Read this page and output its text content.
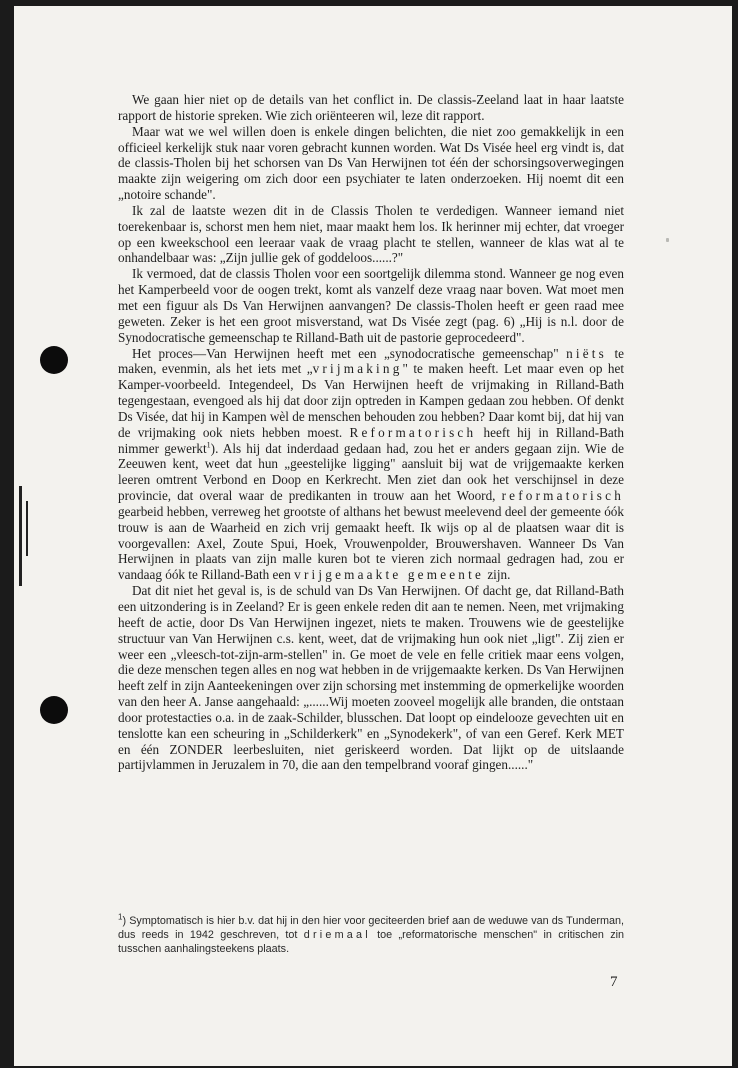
We gaan hier niet op de details van het conflict in. De classis-Zeeland laat in haar laatste rapport de historie spreken. Wie zich oriënteeren wil, leze dit rapport.

Maar wat we wel willen doen is enkele dingen belichten, die niet zoo gemakkelijk in een officieel kerkelijk stuk naar voren gebracht kunnen worden. Wat Ds Visée heel erg vindt is, dat de classis-Tholen bij het schorsen van Ds Van Herwijnen tot één der schorsingsoverwegingen maakte zijn weigering om zich door een psychiater te laten onderzoeken. Hij noemt dit een „notoire schande".

Ik zal de laatste wezen dit in de Classis Tholen te verdedigen. Wanneer iemand niet toerekenbaar is, schorst men hem niet, maar maakt hem los. Ik herinner mij echter, dat vroeger op een kweekschool een leeraar vaak de vraag placht te stellen, wanneer de klas wat al te onhandelbaar was: „Zijn jullie gek of goddeloos......?"

Ik vermoed, dat de classis Tholen voor een soortgelijk dilemma stond. Wanneer ge nog even het Kamperbeeld voor de oogen trekt, komt als vanzelf deze vraag naar boven. Wat moet men met een figuur als Ds Van Herwijnen aanvangen? De classis-Tholen heeft er geen raad mee geweten. Zeker is het een groot misverstand, wat Ds Visée zegt (pag. 6) „Hij is n.l. door de Synodocratische gemeenschap te Rilland-Bath uit de pastorie geprocedeerd".

Het proces—Van Herwijnen heeft met een „synodocratische gemeenschap" niëts te maken, evenmin, als het iets met „vrijmaking" te maken heeft. Let maar even op het Kamper-voorbeeld. Integendeel, Ds Van Herwijnen heeft de vrijmaking in Rilland-Bath tegengestaan, evengoed als hij dat door zijn optreden in Kampen gedaan zou hebben. Of denkt Ds Visée, dat hij in Kampen wèl de menschen behouden zou hebben? Daar komt bij, dat hij van de vrijmaking ook niets hebben moest. Reformatorisch heeft hij in Rilland-Bath nimmer gewerkt$^1$). Als hij dat inderdaad gedaan had, zou het er anders gegaan zijn. Wie de Zeeuwen kent, weet dat hun „geestelijke ligging" aansluit bij wat de vrijgemaakte kerken leeren omtrent Verbond en Doop en Kerkrecht. Men ziet dan ook het verschijnsel in deze provincie, dat overal waar de predikanten in trouw aan het Woord, reformatorisch gearbeid hebben, verreweg het grootste of althans het bewust meelevend deel der gemeente óók trouw is aan de Waarheid en zich vrij gemaakt heeft. Ik wijs op al de plaatsen waar dit is voorgevallen: Axel, Zoute Spui, Hoek, Vrouwenpolder, Brouwershaven. Wanneer Ds Van Herwijnen in plaats van zijn malle kuren bot te vieren zich normaal gedragen had, zou er vandaag óók te Rilland-Bath een vrijgemaakte gemeente zijn.

Dat dit niet het geval is, is de schuld van Ds Van Herwijnen. Of dacht ge, dat Rilland-Bath een uitzondering is in Zeeland? Er is geen enkele reden dit aan te nemen. Neen, met vrijmaking heeft de actie, door Ds Van Herwijnen ingezet, niets te maken. Trouwens wie de geestelijke structuur van Van Herwijnen c.s. kent, weet, dat de vrijmaking hun ook niet „ligt". Zij zien er weer een „vleesch-tot-zijn-arm-stellen" in. Ge moet de vele en felle critiek maar eens volgen, die deze menschen tegen alles en nog wat hebben in de vrijgemaakte kerken. Ds Van Herwijnen heeft zelf in zijn Aanteekeningen over zijn schorsing met instemming de opmerkelijke woorden van den heer A. Janse aangehaald: „......Wij moeten zooveel mogelijk alle branden, die ontstaan door protestacties o.a. in de zaak-Schilder, blusschen. Dat loopt op eindelooze gevechten uit en tenslotte kan een scheuring in „Schilderkerk" en „Synodekerk", of van een Geref. Kerk MET en één ZONDER leerbesluiten, niet geriskeerd worden. Dat lijkt op de uitslaande partijvlammen in Jeruzalem in 70, die aan den tempelbrand vooraf gingen......"

$^1$) Symptomatisch is hier b.v. dat hij in den hier voor geciteerden brief aan de weduwe van ds Tunderman, dus reeds in 1942 geschreven, tot driemaal toe „reformatorische menschen" in critischen zin tusschen aanhalingsteekens plaats.
7
